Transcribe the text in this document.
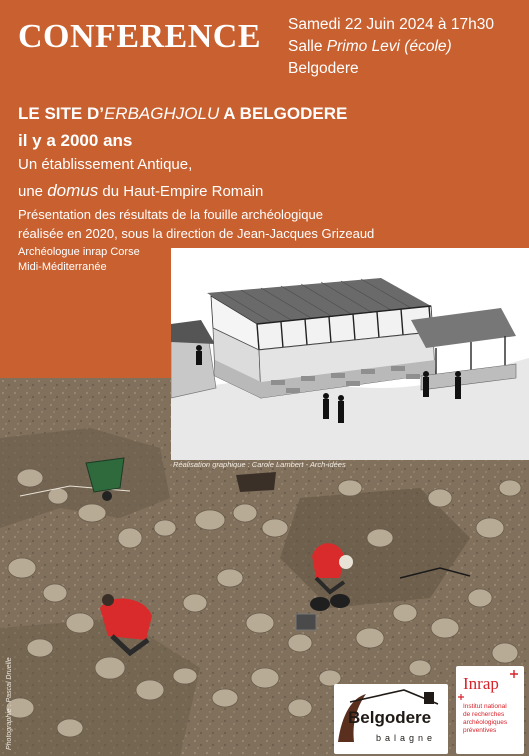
CONFERENCE Samedi 22 Juin 2024 à 17h30
Salle Primo Levi (école)
Belgodere
LE SITE D’ERBAGHJOLU A BELGODERE
il y a 2000 ans
Un établissement Antique,
une domus du Haut-Empire Romain
Présentation des résultats de la fouille archéologique
réalisée en 2020, sous la direction de Jean-Jacques Grizeaud
Archéologue inrap Corse
Midi-Méditerranée
Réalisation graphique : Carole Lambert - Arch-idées
Photographie : Pascal Druelle	Belgodere
balagne
Inrap
Institut national
de recherches
archéologiques
préventives
